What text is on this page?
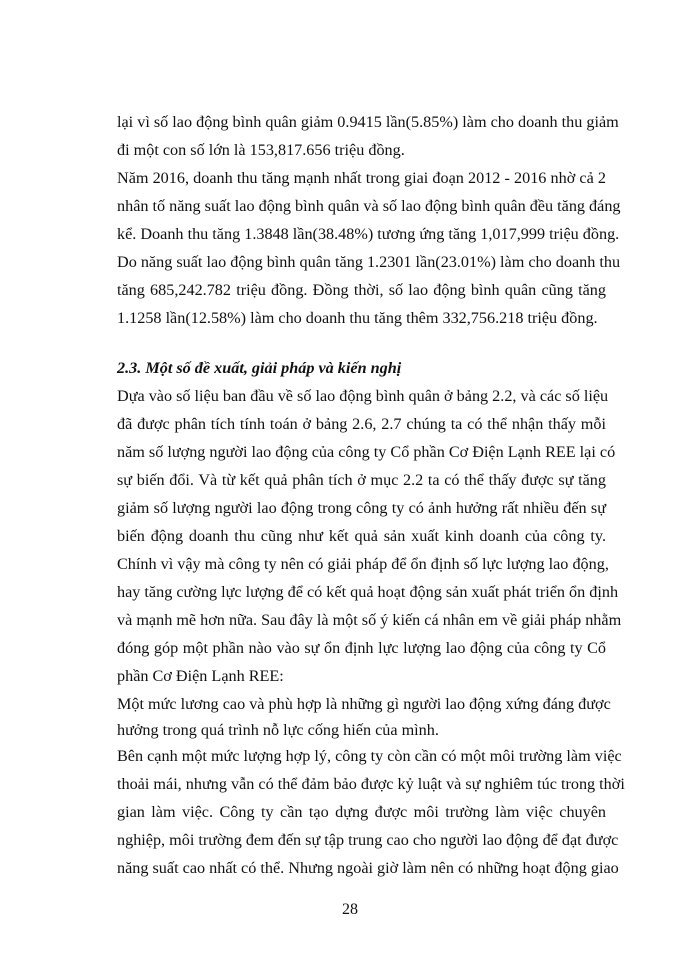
lại vì số lao động bình quân giảm 0.9415 lần(5.85%) làm cho doanh thu giảm
đi một con số lớn là 153,817.656 triệu đồng.
Năm 2016, doanh thu tăng mạnh nhất trong giai đoạn 2012 - 2016 nhờ cả 2
nhân tố năng suất lao động bình quân và số lao động bình quân đều tăng đáng
kể. Doanh thu tăng 1.3848 lần(38.48%) tương ứng tăng 1,017,999 triệu đồng.
Do năng suất lao động bình quân tăng 1.2301 lần(23.01%) làm cho doanh thu
tăng 685,242.782 triệu đồng. Đồng thời, số lao động bình quân cũng tăng
1.1258 lần(12.58%) làm cho doanh thu tăng thêm 332,756.218 triệu đồng.
2.3. Một số đề xuất, giải pháp và kiến nghị
Dựa vào số liệu ban đầu về số lao động bình quân ở bảng 2.2, và các số liệu
đã được phân tích tính toán ở bảng 2.6, 2.7 chúng ta có thể nhận thấy mỗi
năm số lượng người lao động của công ty Cổ phần Cơ Điện Lạnh REE lại có
sự biến đổi. Và từ kết quả phân tích ở mục 2.2 ta có thể thấy được sự tăng
giảm số lượng người lao động trong công ty có ảnh hưởng rất nhiều đến sự
biến động doanh thu cũng như kết quả sản xuất kinh doanh của công ty.
Chính vì vậy mà công ty nên có giải pháp để ổn định số lực lượng lao động,
hay tăng cường lực lượng để có kết quả hoạt động sản xuất phát triển ổn định
và mạnh mẽ hơn nữa. Sau đây là một số ý kiến cá nhân em về giải pháp nhằm
đóng góp một phần nào vào sự ổn định lực lượng lao động của công ty Cổ
phần Cơ Điện Lạnh REE:
Một mức lương cao và phù hợp là những gì người lao động xứng đáng được
hưởng trong quá trình nỗ lực cống hiến của mình.
Bên cạnh một mức lượng hợp lý, công ty còn cần có một môi trường làm việc
thoải mái, nhưng vẫn có thể đảm bảo được kỷ luật và sự nghiêm túc trong thời
gian làm việc. Công ty cần tạo dựng được môi trường làm việc chuyên
nghiệp, môi trường đem đến sự tập trung cao cho người lao động để đạt được
năng suất cao nhất có thể. Nhưng ngoài giờ làm nên có những hoạt động giao
28
